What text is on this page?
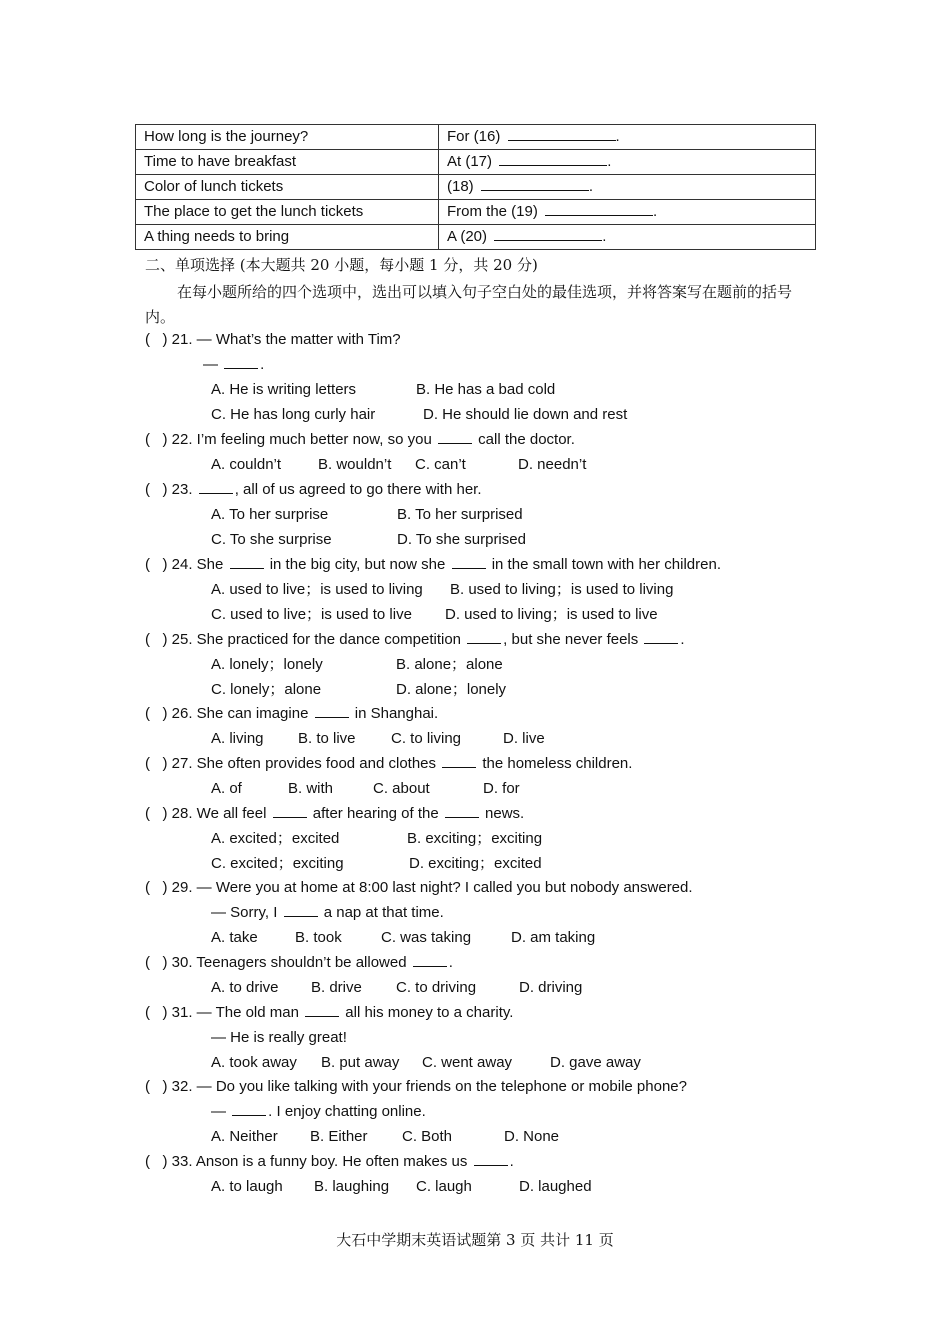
How long is the journey?	For (16) .
Time to have breakfast	At (17) .
Color of lunch tickets	(18) .
The place to get the lunch tickets	From the (19) .
A thing needs to bring	A (20) .
二、单项选择 (本大题共 20 小题，每小题 1 分，共 20 分)
在每小题所给的四个选项中，选出可以填入句子空白处的最佳选项，并将答案写在题前的括号内。
(   ) 21. — What’s the matter with Tim?
—	.
A. He is writing letters	B. He has a bad cold
C. He has long curly hair	D. He should lie down and rest
(   ) 22. I’m feeling much better now, so you	call the doctor.
A. couldn’t B. wouldn’t C. can’t	D. needn’t
(   ) 23.	, all of us agreed to go there with her.
A. To her surprise	B. To her surprised
C. To she surprise	D. To she surprised
(   ) 24. She	in the big city, but now she	in the small town with her children.
A. used to live；is used to living B. used to living；is used to living
C. used to live；is used to live D. used to living；is used to live
(   ) 25. She practiced for the dance competition	, but she never feels	.
A. lonely；lonely	B. alone；alone
C. lonely；alone	D. alone；lonely
(   ) 26. She can imagine	in Shanghai.
A. living B. to live C. to living	D. live
(   ) 27. She often provides food and clothes	the homeless children.
A. of	B. with	C. about	D. for
(   ) 28. We all feel	after hearing of the	news.
A. excited；excited	B. exciting；exciting
C. excited；exciting	D. exciting；excited
(   ) 29. — Were you at home at 8:00 last night? I called you but nobody answered.
— Sorry, I	a nap at that time.
A. take B. took	C. was taking	D. am taking
(   ) 30. Teenagers shouldn’t be allowed	.
A. to drive B. drive C. to driving	D. driving
(   ) 31. — The old man	all his money to a charity.
— He is really great!
A. took away B. put away C. went away	D. gave away
(   ) 32. — Do you like talking with your friends on the telephone or mobile phone?
—	. I enjoy chatting online.
A. Neither B. Either C. Both	D. None
(   ) 33. Anson is a funny boy. He often makes us	.
A. to laugh B. laughing C. laugh	D. laughed
大石中学期末英语试题第 3 页 共计 11 页
